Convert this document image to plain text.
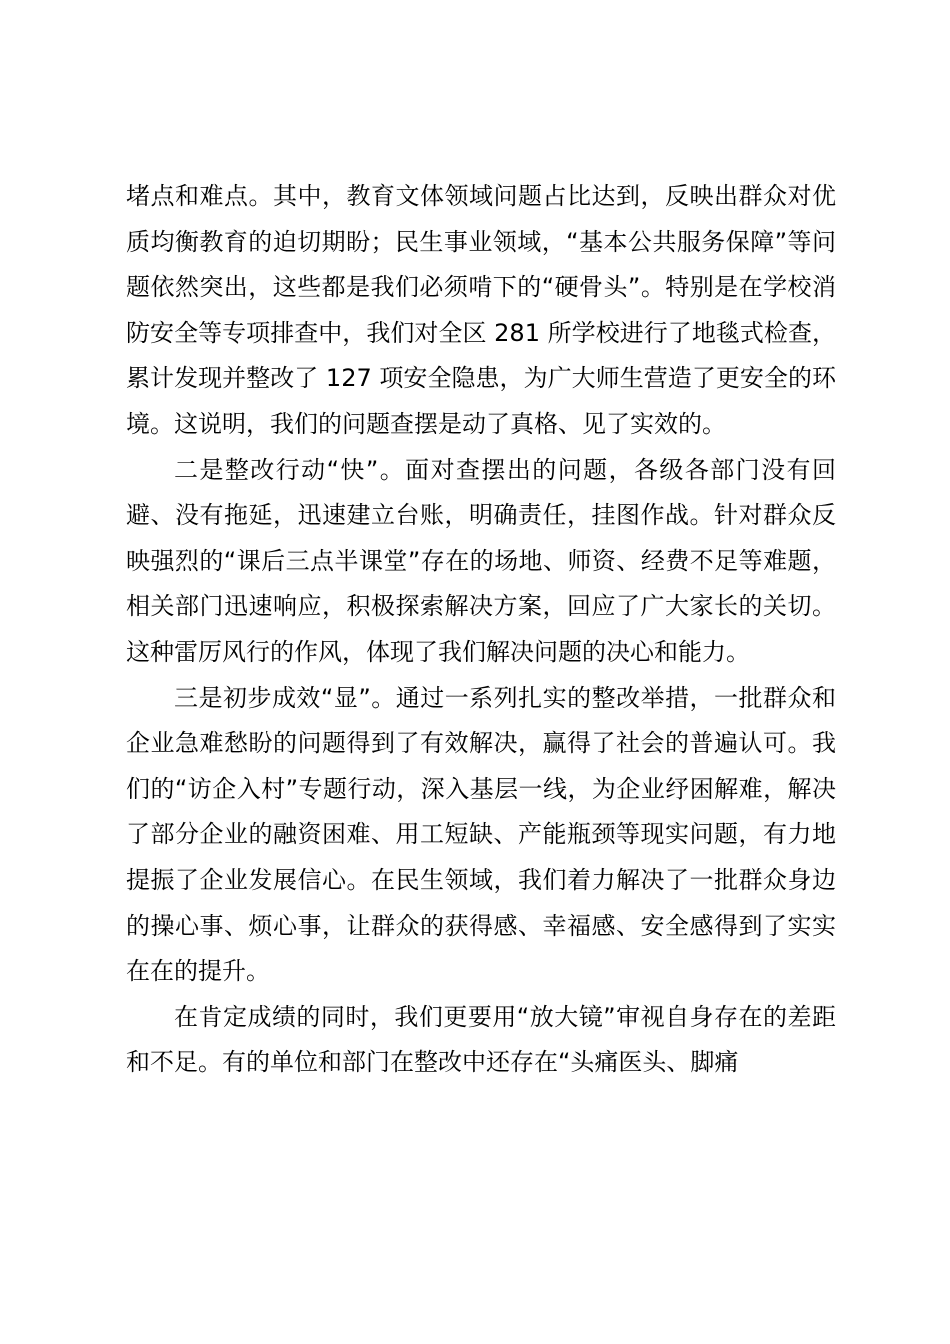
堵点和难点。其中，教育文体领域问题占比达到，反映出群众对优质均衡教育的迫切期盼；民生事业领域，“基本公共服务保障”等问题依然突出，这些都是我们必须啃下的“硬骨头”。特别是在学校消防安全等专项排查中，我们对全区 281 所学校进行了地毯式检查，累计发现并整改了 127 项安全隐患，为广大师生营造了更安全的环境。这说明，我们的问题查摆是动了真格、见了实效的。

二是整改行动“快”。面对查摆出的问题，各级各部门没有回避、没有拖延，迅速建立台账，明确责任，挂图作战。针对群众反映强烈的“课后三点半课堂”存在的场地、师资、经费不足等难题，相关部门迅速响应，积极探索解决方案，回应了广大家长的关切。这种雷厉风行的作风，体现了我们解决问题的决心和能力。

三是初步成效“显”。通过一系列扎实的整改举措，一批群众和企业急难愁盼的问题得到了有效解决，赢得了社会的普遍认可。我们的“访企入村”专题行动，深入基层一线，为企业纾困解难，解决了部分企业的融资困难、用工短缺、产能瓶颈等现实问题，有力地提振了企业发展信心。在民生领域，我们着力解决了一批群众身边的操心事、烦心事，让群众的获得感、幸福感、安全感得到了实实在在的提升。

在肯定成绩的同时，我们更要用“放大镜”审视自身存在的差距和不足。有的单位和部门在整改中还存在“头痛医头、脚痛
